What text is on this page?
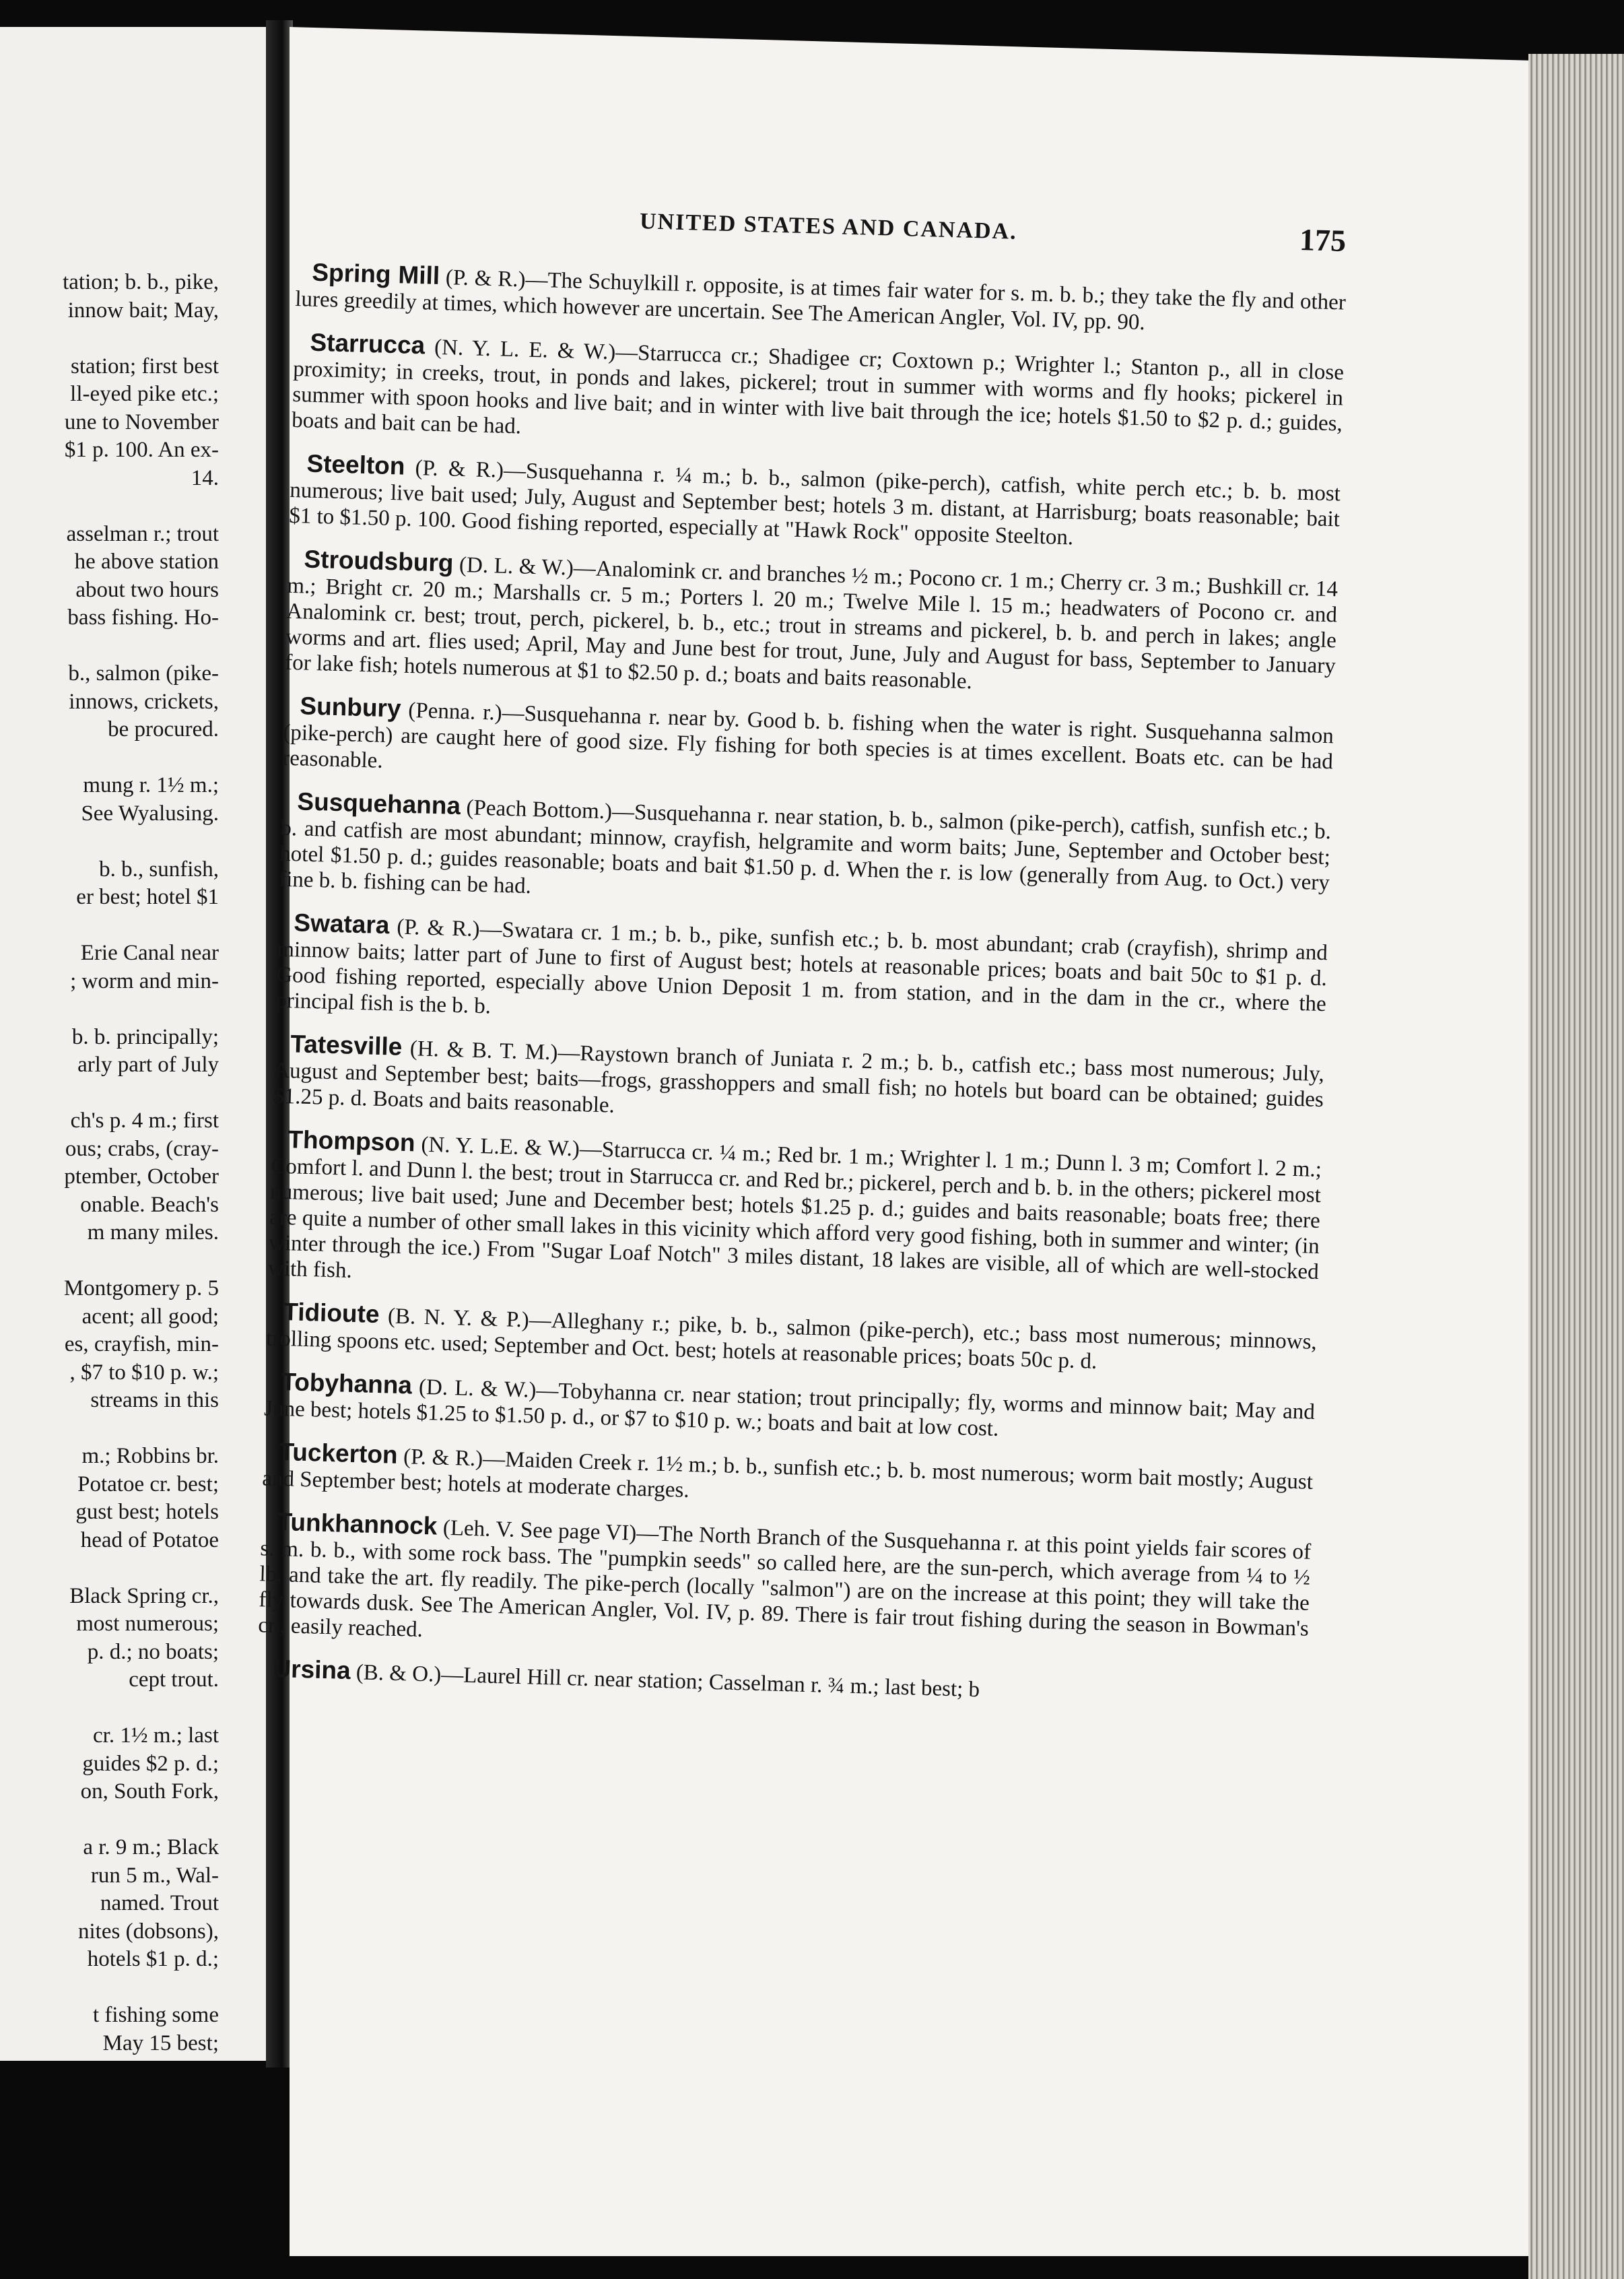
tation; b. b., pike,
innow bait; May,
station; first best
ll-eyed pike etc.;
une to November
$1 p. 100. An ex-
14.
asselman r.; trout
he above station
about two hours
bass fishing. Ho-
b., salmon (pike-
innows, crickets,
be procured.
mung r. 1½ m.;
See Wyalusing.
b. b., sunfish,
er best; hotel $1
Erie Canal near
; worm and min-
b. b. principally;
arly part of July
ch's p. 4 m.; first
ous; crabs, (cray-
ptember, October
onable. Beach's
m many miles.
Montgomery p. 5
acent; all good;
es, crayfish, min-
, $7 to $10 p. w.;
streams in this
m.; Robbins br.
Potatoe cr. best;
gust best; hotels
head of Potatoe
Black Spring cr.,
most numerous;
p. d.; no boats;
cept trout.
cr. 1½ m.; last
guides $2 p. d.;
on, South Fork,
a r. 9 m.; Black
run 5 m., Wal-
named. Trout
nites (dobsons),
hotels $1 p. d.;
t fishing some
May 15 best;
UNITED STATES AND CANADA.	175

Spring Mill (P. & R.)—The Schuylkill r. opposite, is at times fair water for s. m. b. b.; they take the fly and other lures greedily at times, which however are uncertain. See The American Angler, Vol. IV, pp. 90.

Starrucca (N. Y. L. E. & W.)—Starrucca cr.; Shadigee cr; Coxtown p.; Wrighter l.; Stanton p., all in close proximity; in creeks, trout, in ponds and lakes, pickerel; trout in summer with worms and fly hooks; pickerel in summer with spoon hooks and live bait; and in winter with live bait through the ice; hotels $1.50 to $2 p. d.; guides, boats and bait can be had.

Steelton (P. & R.)—Susquehanna r. ¼ m.; b. b., salmon (pike-perch), catfish, white perch etc.; b. b. most numerous; live bait used; July, August and September best; hotels 3 m. distant, at Harrisburg; boats reasonable; bait $1 to $1.50 p. 100. Good fishing reported, especially at "Hawk Rock" opposite Steelton.

Stroudsburg (D. L. & W.)—Analomink cr. and branches ½ m.; Pocono cr. 1 m.; Cherry cr. 3 m.; Bushkill cr. 14 m.; Bright cr. 20 m.; Marshalls cr. 5 m.; Porters l. 20 m.; Twelve Mile l. 15 m.; headwaters of Pocono cr. and Analomink cr. best; trout, perch, pickerel, b. b., etc.; trout in streams and pickerel, b. b. and perch in lakes; angle worms and art. flies used; April, May and June best for trout, June, July and August for bass, September to January for lake fish; hotels numerous at $1 to $2.50 p. d.; boats and baits reasonable.

Sunbury (Penna. r.)—Susquehanna r. near by. Good b. b. fishing when the water is right. Susquehanna salmon (pike-perch) are caught here of good size. Fly fishing for both species is at times excellent. Boats etc. can be had reasonable.

Susquehanna (Peach Bottom.)—Susquehanna r. near station, b. b., salmon (pike-perch), catfish, sunfish etc.; b. b. and catfish are most abundant; minnow, crayfish, helgramite and worm baits; June, September and October best; hotel $1.50 p. d.; guides reasonable; boats and bait $1.50 p. d. When the r. is low (generally from Aug. to Oct.) very fine b. b. fishing can be had.

Swatara (P. & R.)—Swatara cr. 1 m.; b. b., pike, sunfish etc.; b. b. most abundant; crab (crayfish), shrimp and minnow baits; latter part of June to first of August best; hotels at reasonable prices; boats and bait 50c to $1 p. d. Good fishing reported, especially above Union Deposit 1 m. from station, and in the dam in the cr., where the principal fish is the b. b.

Tatesville (H. & B. T. M.)—Raystown branch of Juniata r. 2 m.; b. b., catfish etc.; bass most numerous; July, August and September best; baits—frogs, grasshoppers and small fish; no hotels but board can be obtained; guides $1.25 p. d. Boats and baits reasonable.

Thompson (N. Y. L.E. & W.)—Starrucca cr. ¼ m.; Red br. 1 m.; Wrighter l. 1 m.; Dunn l. 3 m; Comfort l. 2 m.; Comfort l. and Dunn l. the best; trout in Starrucca cr. and Red br.; pickerel, perch and b. b. in the others; pickerel most numerous; live bait used; June and December best; hotels $1.25 p. d.; guides and baits reasonable; boats free; there are quite a number of other small lakes in this vicinity which afford very good fishing, both in summer and winter; (in winter through the ice.) From "Sugar Loaf Notch" 3 miles distant, 18 lakes are visible, all of which are well-stocked with fish.

Tidioute (B. N. Y. & P.)—Alleghany r.; pike, b. b., salmon (pike-perch), etc.; bass most numerous; minnows, trolling spoons etc. used; September and Oct. best; hotels at reasonable prices; boats 50c p. d.

Tobyhanna (D. L. & W.)—Tobyhanna cr. near station; trout principally; fly, worms and minnow bait; May and June best; hotels $1.25 to $1.50 p. d., or $7 to $10 p. w.; boats and bait at low cost.

Tuckerton (P. & R.)—Maiden Creek r. 1½ m.; b. b., sunfish etc.; b. b. most numerous; worm bait mostly; August and September best; hotels at moderate charges.

Tunkhannock (Leh. V. See page VI)—The North Branch of the Susquehanna r. at this point yields fair scores of s. m. b. b., with some rock bass. The "pumpkin seeds" so called here, are the sun-perch, which average from ¼ to ½ lb. and take the art. fly readily. The pike-perch (locally "salmon") are on the increase at this point; they will take the fly towards dusk. See The American Angler, Vol. IV, p. 89. There is fair trout fishing during the season in Bowman's cr., easily reached.

Ursina (B. & O.)—Laurel Hill cr. near station; Casselman r. ¾ m.; last best; b
